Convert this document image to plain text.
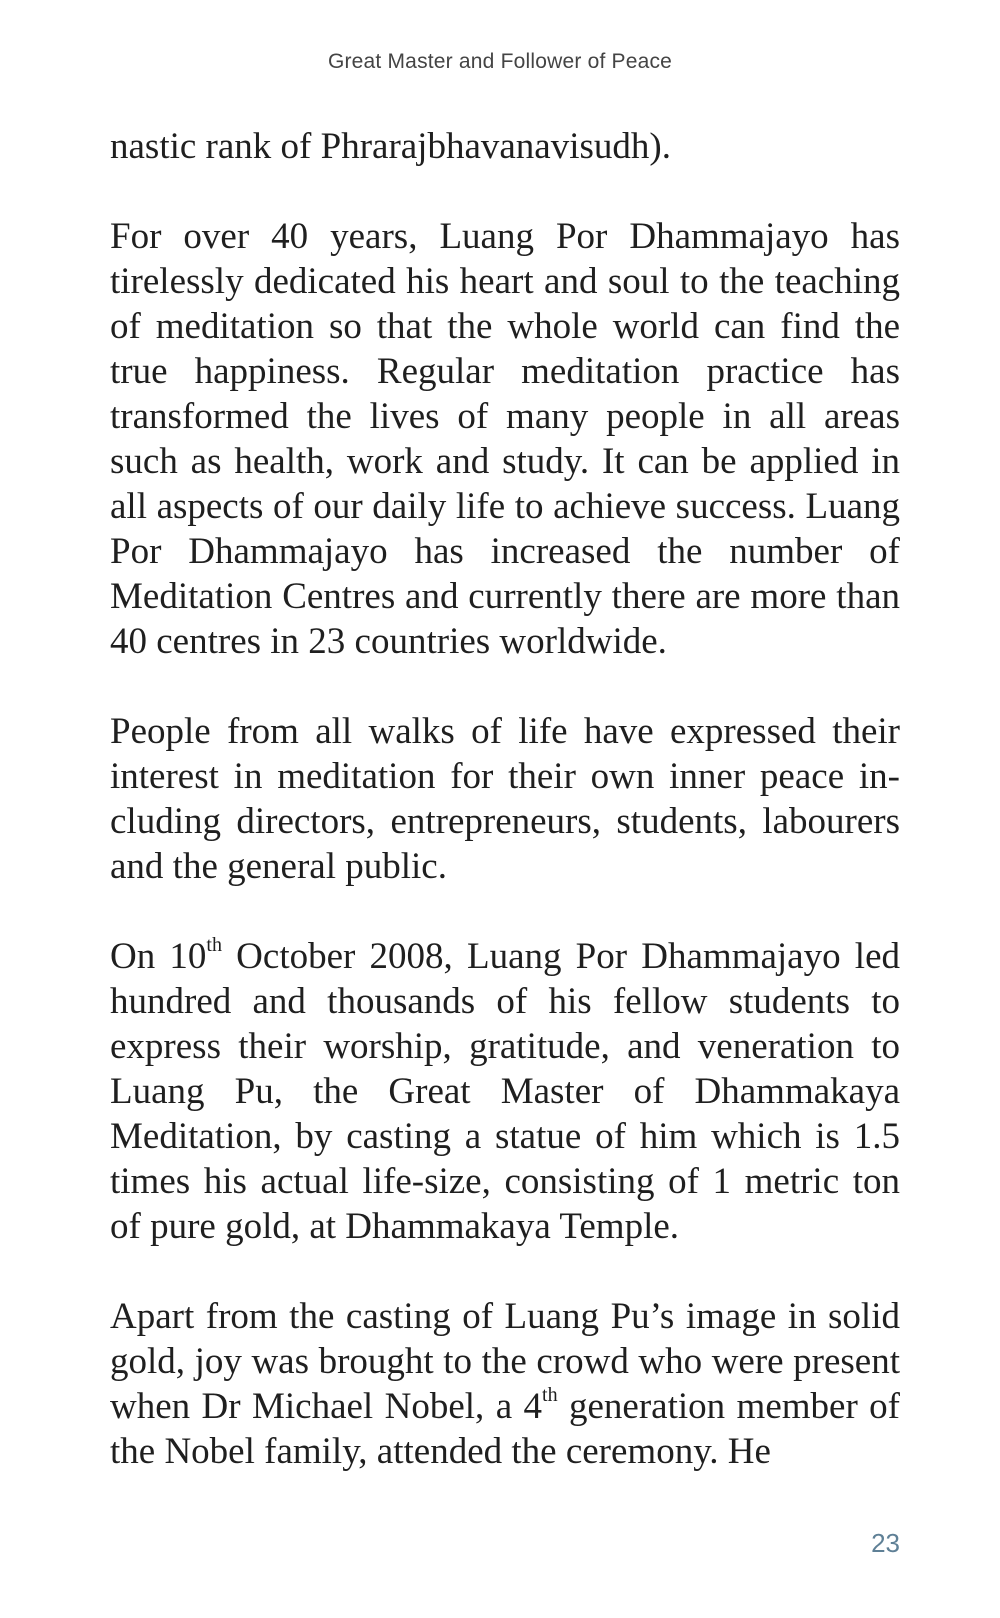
Great Master and Follower of Peace

nastic rank of Phrarajbhavanavisudh).

For over 40 years, Luang Por Dhammajayo has tirelessly dedicated his heart and soul to the teaching of meditation so that the whole world can find the true happiness. Regular meditation practice has transformed the lives of many people in all areas such as health, work and study. It can be applied in all aspects of our daily life to achieve success. Luang Por Dhammajayo has increased the number of Meditation Centres and currently there are more than 40 centres in 23 countries worldwide.

People from all walks of life have expressed their interest in meditation for their own inner peace including directors, entrepreneurs, students, labourers and the general public.

On 10th October 2008, Luang Por Dhammajayo led hundred and thousands of his fellow students to express their worship, gratitude, and veneration to Luang Pu, the Great Master of Dhammakaya Meditation, by casting a statue of him which is 1.5 times his actual life-size, consisting of 1 metric ton of pure gold, at Dhammakaya Temple.

Apart from the casting of Luang Pu’s image in solid gold, joy was brought to the crowd who were present when Dr Michael Nobel, a 4th generation member of the Nobel family, attended the ceremony. He

23
